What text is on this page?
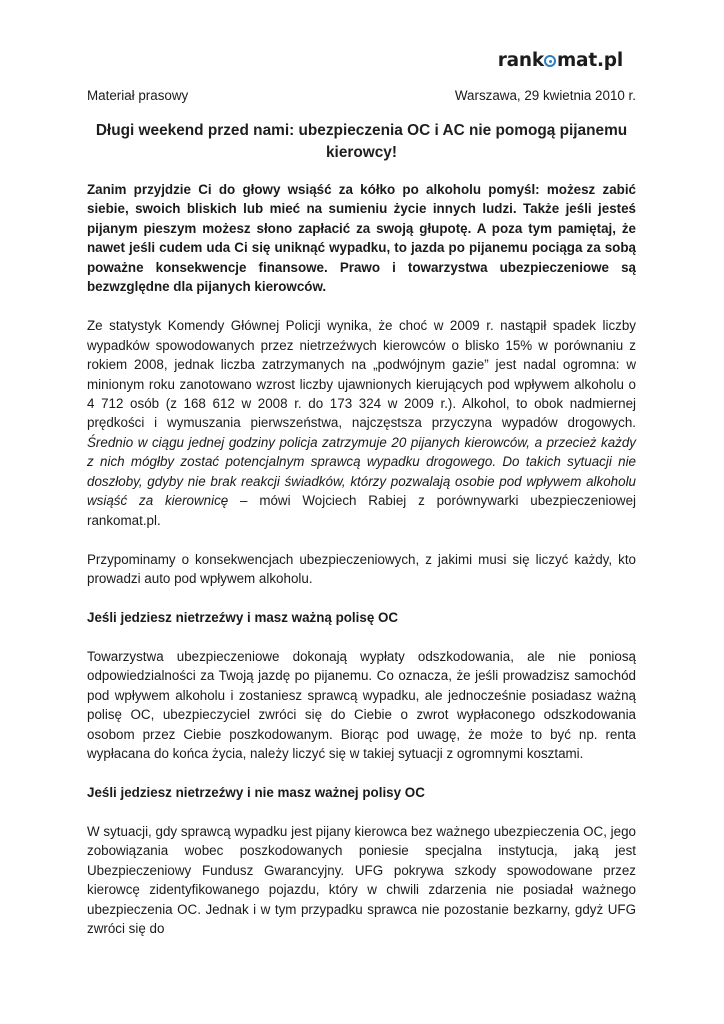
rank mat.pl
Materiał prasowy	Warszawa, 29 kwietnia 2010 r.
Długi weekend przed nami: ubezpieczenia OC i AC nie pomogą pijanemu kierowcy!

Zanim przyjdzie Ci do głowy wsiąść za kółko po alkoholu pomyśl: możesz zabić siebie, swoich bliskich lub mieć na sumieniu życie innych ludzi. Także jeśli jesteś pijanym pieszym możesz słono zapłacić za swoją głupotę. A poza tym pamiętaj, że nawet jeśli cudem uda Ci się uniknąć wypadku, to jazda po pijanemu pociąga za sobą poważne konsekwencje finansowe. Prawo i towarzystwa ubezpieczeniowe są bezwzględne dla pijanych kierowców.

Ze statystyk Komendy Głównej Policji wynika, że choć w 2009 r. nastąpił spadek liczby wypadków spowodowanych przez nietrzeźwych kierowców o blisko 15% w porównaniu z rokiem 2008, jednak liczba zatrzymanych na „podwójnym gazie” jest nadal ogromna: w minionym roku zanotowano wzrost liczby ujawnionych kierujących pod wpływem alkoholu o 4 712 osób (z 168 612 w 2008 r. do 173 324 w 2009 r.). Alkohol, to obok nadmiernej prędkości i wymuszania pierwszeństwa, najczęstsza przyczyna wypadów drogowych. Średnio w ciągu jednej godziny policja zatrzymuje 20 pijanych kierowców, a przecież każdy z nich mógłby zostać potencjalnym sprawcą wypadku drogowego. Do takich sytuacji nie doszłoby, gdyby nie brak reakcji świadków, którzy pozwalają osobie pod wpływem alkoholu wsiąść za kierownicę – mówi Wojciech Rabiej z porównywarki ubezpieczeniowej rankomat.pl.

Przypominamy o konsekwencjach ubezpieczeniowych, z jakimi musi się liczyć każdy, kto prowadzi auto pod wpływem alkoholu.

Jeśli jedziesz nietrzeźwy i masz ważną polisę OC

Towarzystwa ubezpieczeniowe dokonają wypłaty odszkodowania, ale nie poniosą odpowiedzialności za Twoją jazdę po pijanemu. Co oznacza, że jeśli prowadzisz samochód pod wpływem alkoholu i zostaniesz sprawcą wypadku, ale jednocześnie posiadasz ważną polisę OC, ubezpieczyciel zwróci się do Ciebie o zwrot wypłaconego odszkodowania osobom przez Ciebie poszkodowanym. Biorąc pod uwagę, że może to być np. renta wypłacana do końca życia, należy liczyć się w takiej sytuacji z ogromnymi kosztami.

Jeśli jedziesz nietrzeźwy i nie masz ważnej polisy OC

W sytuacji, gdy sprawcą wypadku jest pijany kierowca bez ważnego ubezpieczenia OC, jego zobowiązania wobec poszkodowanych poniesie specjalna instytucja, jaką jest Ubezpieczeniowy Fundusz Gwarancyjny. UFG pokrywa szkody spowodowane przez kierowcę zidentyfikowanego pojazdu, który w chwili zdarzenia nie posiadał ważnego ubezpieczenia OC. Jednak i w tym przypadku sprawca nie pozostanie bezkarny, gdyż UFG zwróci się do
